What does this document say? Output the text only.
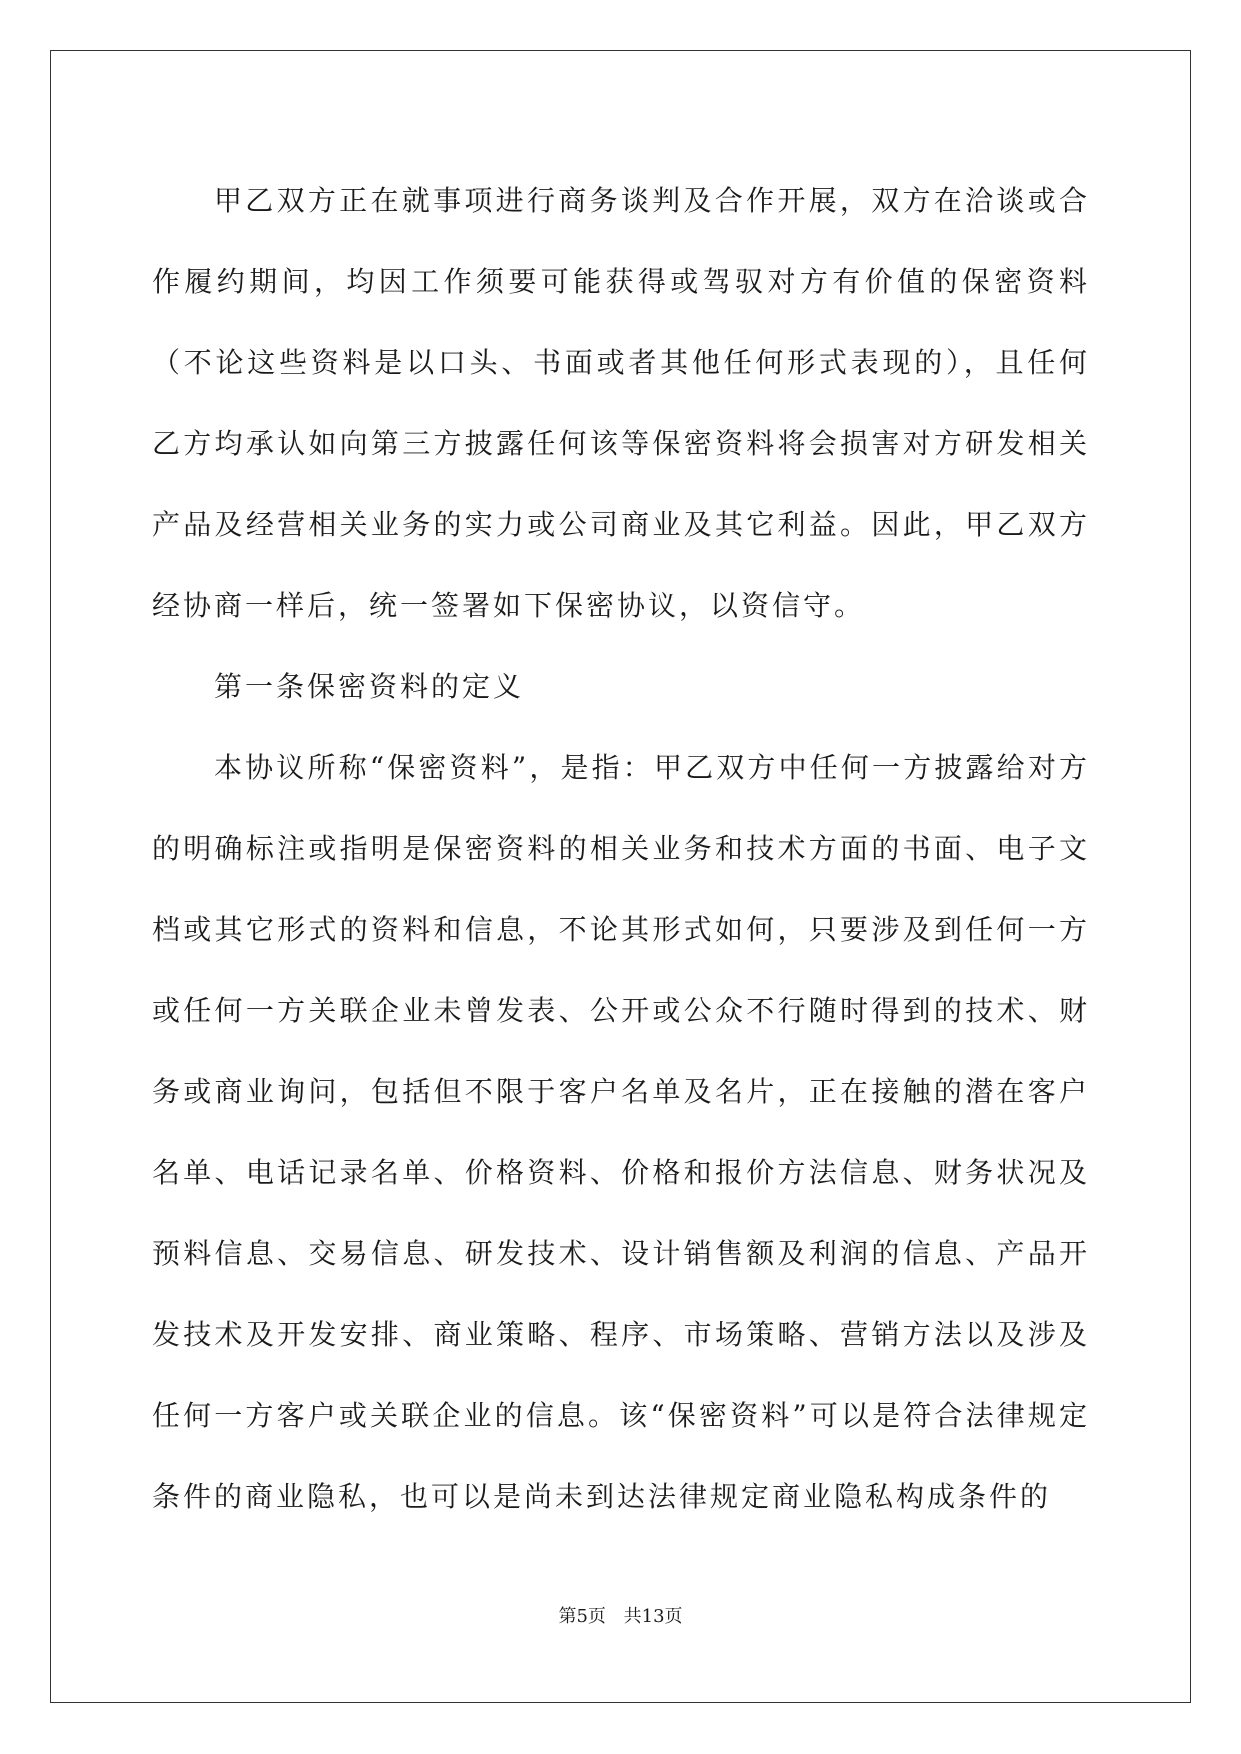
甲乙双方正在就事项进行商务谈判及合作开展，双方在洽谈或合作履约期间，均因工作须要可能获得或驾驭对方有价值的保密资料（不论这些资料是以口头、书面或者其他任何形式表现的），且任何乙方均承认如向第三方披露任何该等保密资料将会损害对方研发相关产品及经营相关业务的实力或公司商业及其它利益。因此，甲乙双方经协商一样后，统一签署如下保密协议，以资信守。

第一条保密资料的定义

本协议所称“保密资料”，是指：甲乙双方中任何一方披露给对方的明确标注或指明是保密资料的相关业务和技术方面的书面、电子文档或其它形式的资料和信息，不论其形式如何，只要涉及到任何一方或任何一方关联企业未曾发表、公开或公众不行随时得到的技术、财务或商业询问，包括但不限于客户名单及名片，正在接触的潜在客户名单、电话记录名单、价格资料、价格和报价方法信息、财务状况及预料信息、交易信息、研发技术、设计销售额及利润的信息、产品开发技术及开发安排、商业策略、程序、市场策略、营销方法以及涉及任何一方客户或关联企业的信息。该“保密资料”可以是符合法律规定条件的商业隐私，也可以是尚未到达法律规定商业隐私构成条件的

第5页 共13页
